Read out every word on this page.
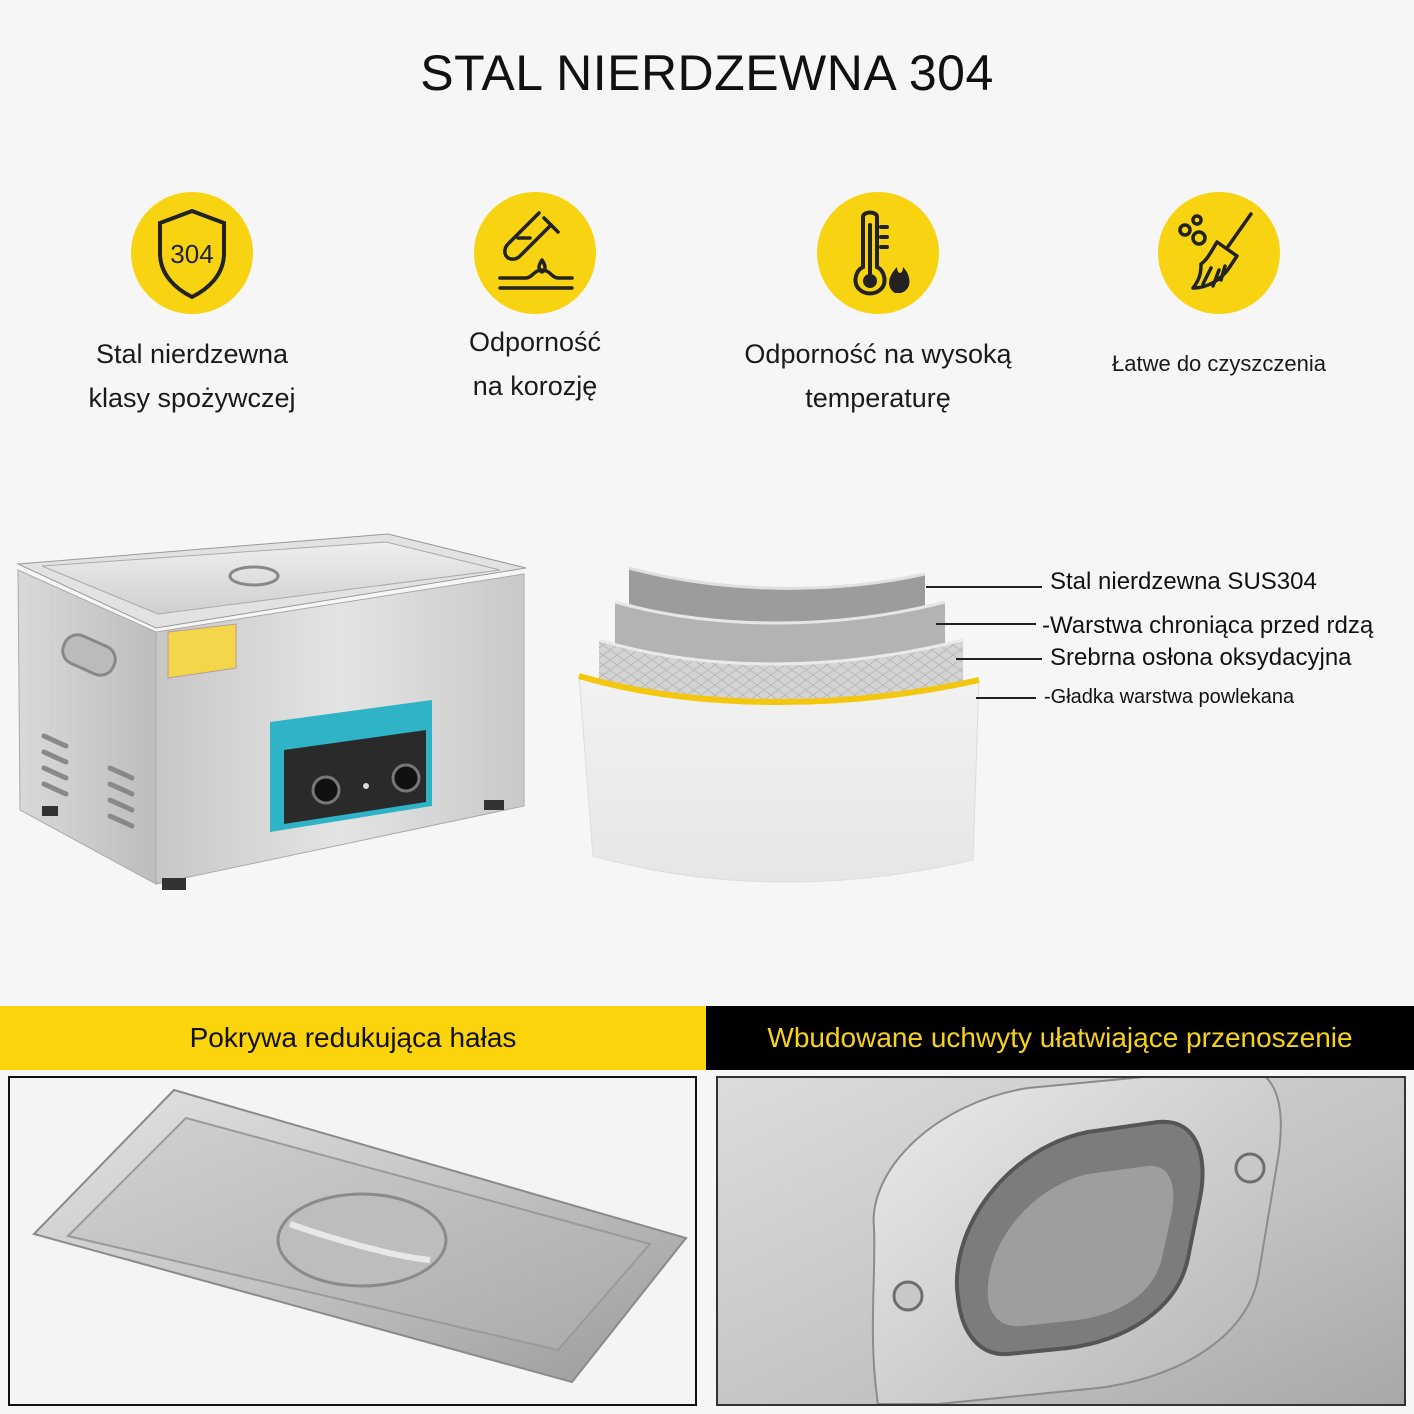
STAL NIERDZEWNA 304
304
Stal nierdzewna
klasy spożywczej
Odporność
na korozję
Odporność na wysoką
temperaturę
Łatwe do czyszczenia
Stal nierdzewna SUS304
-Warstwa chroniąca przed rdzą
Srebrna osłona oksydacyjna
-Gładka warstwa powlekana
Pokrywa redukująca hałas	Wbudowane uchwyty ułatwiające przenoszenie
